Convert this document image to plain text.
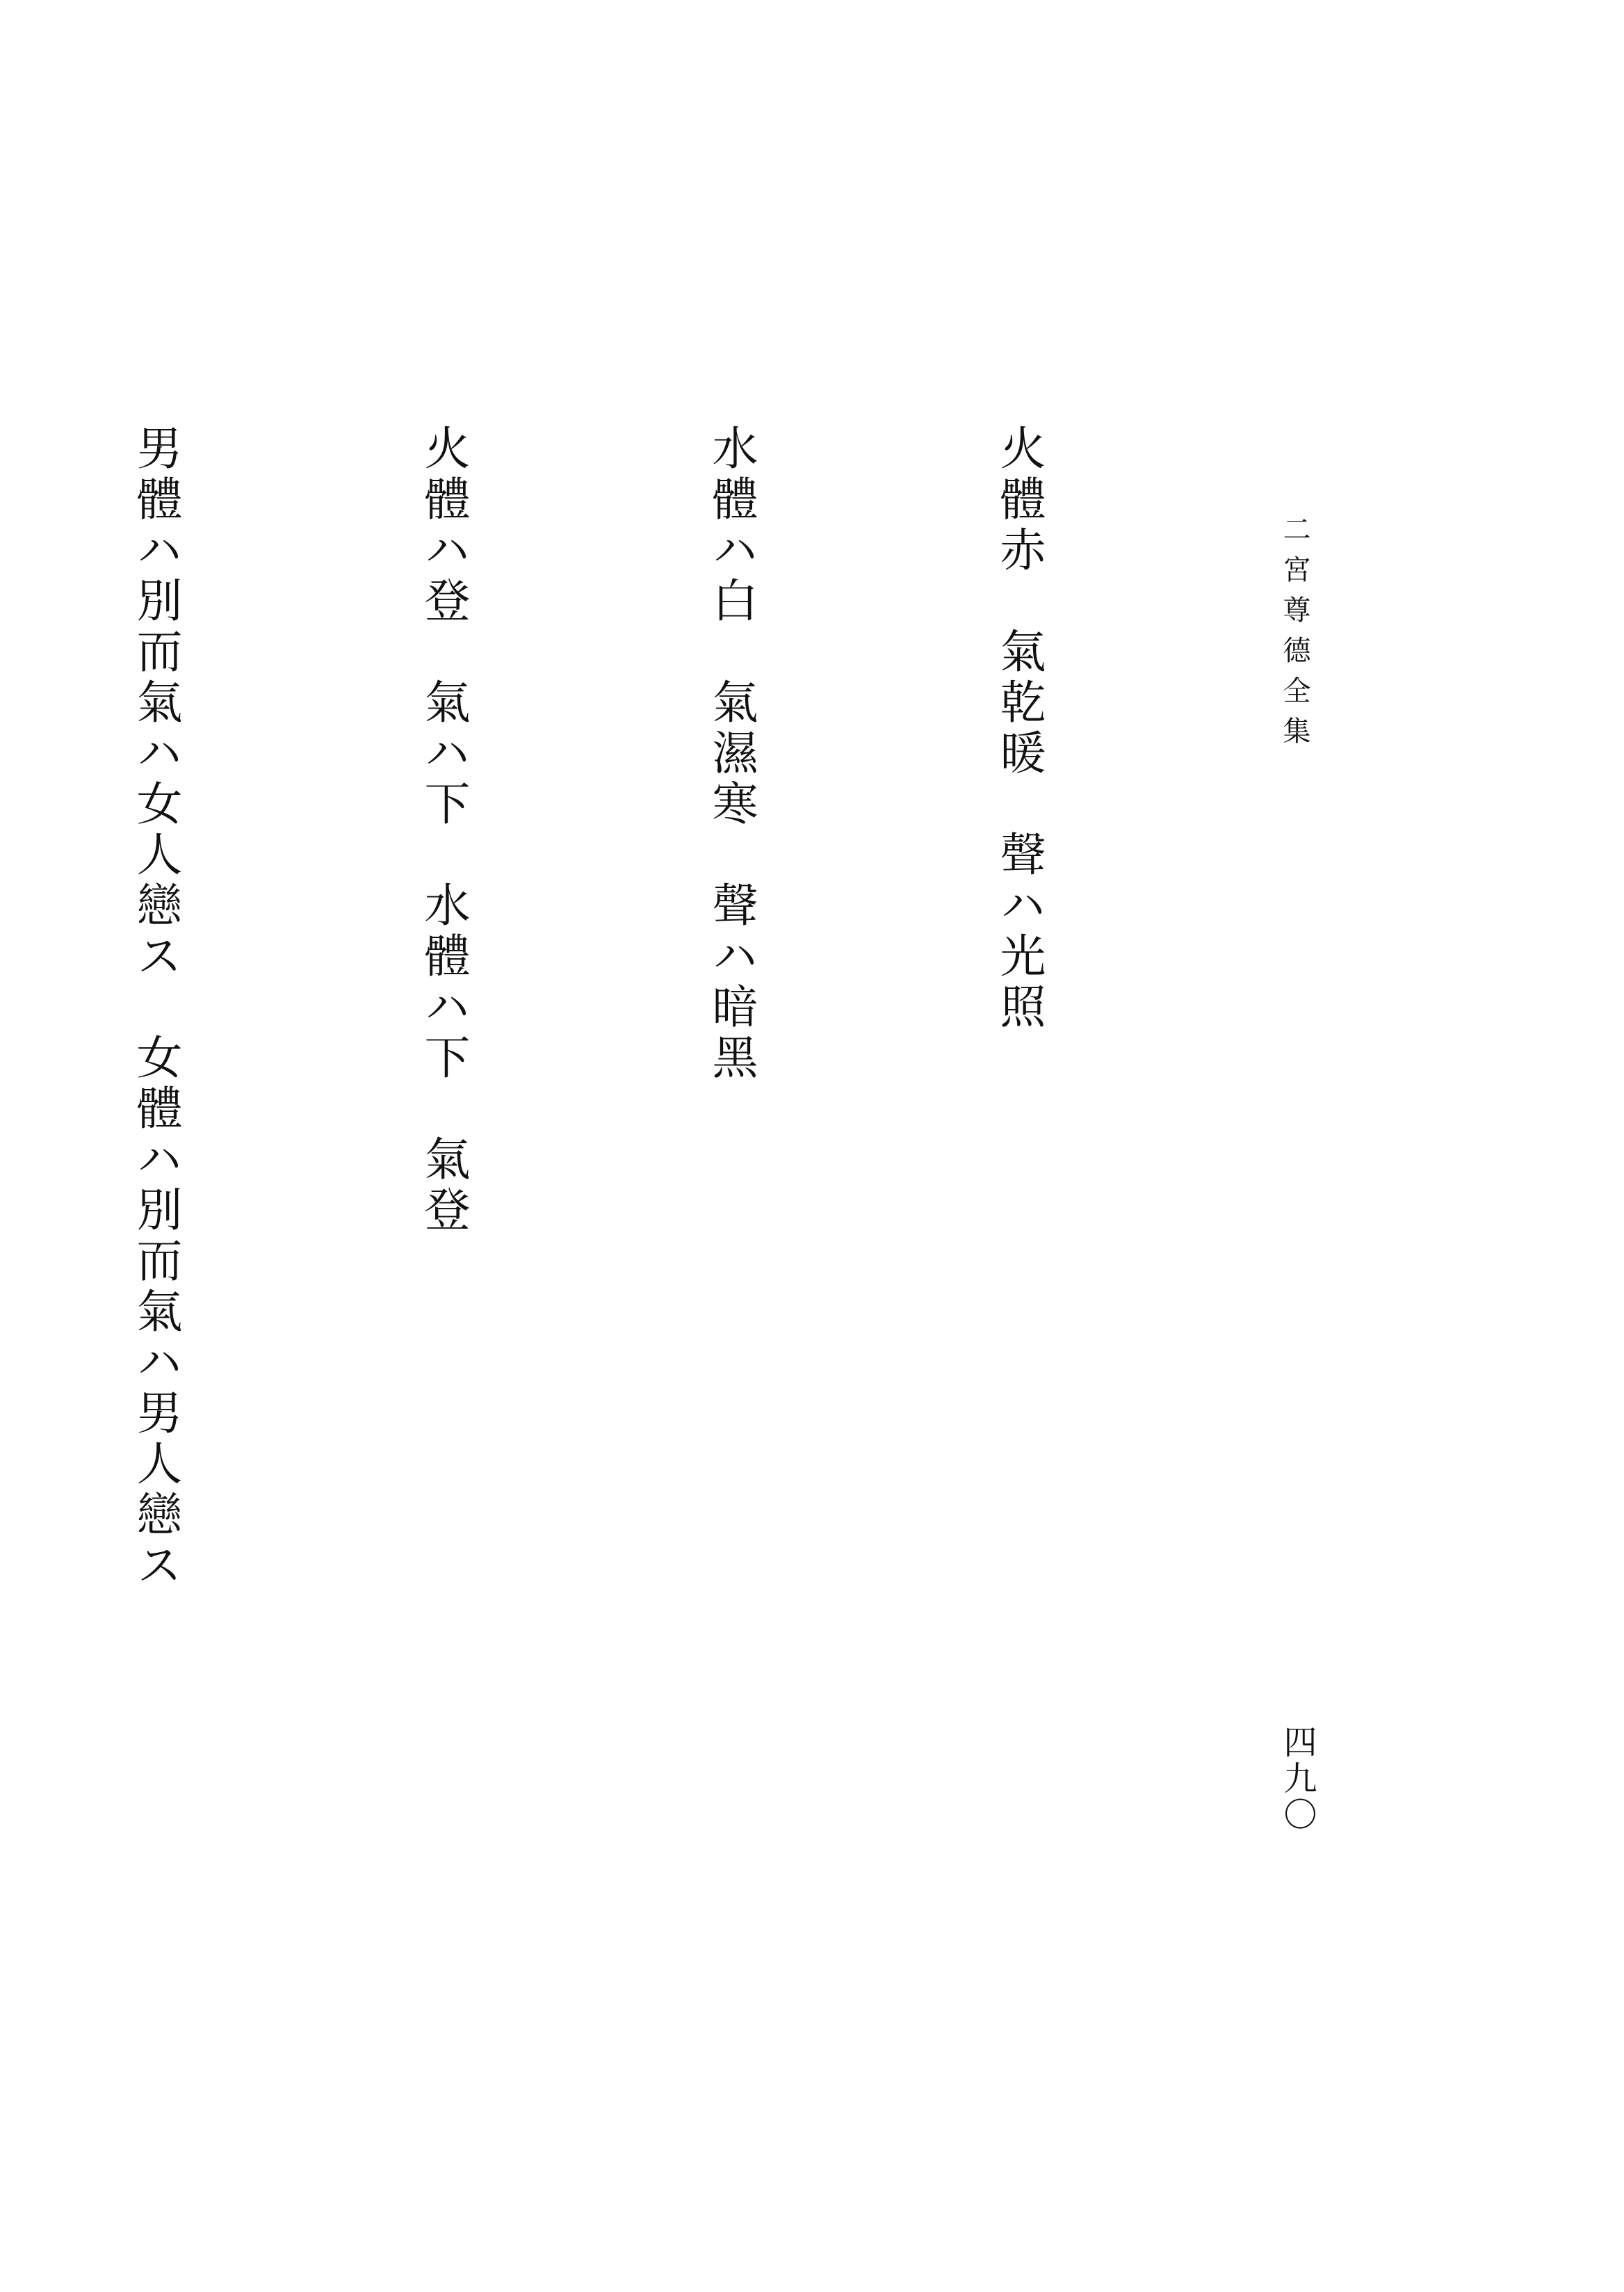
二宮尊德全集

火體赤　氣乾暖　聲ハ光照

水體ハ白　氣濕寒　聲ハ暗黑

火體ハ登　氣ハ下　水體ハ下　氣登

男體ハ別而氣ハ女人戀ス　女體ハ別而氣ハ男人戀ス

四九〇
